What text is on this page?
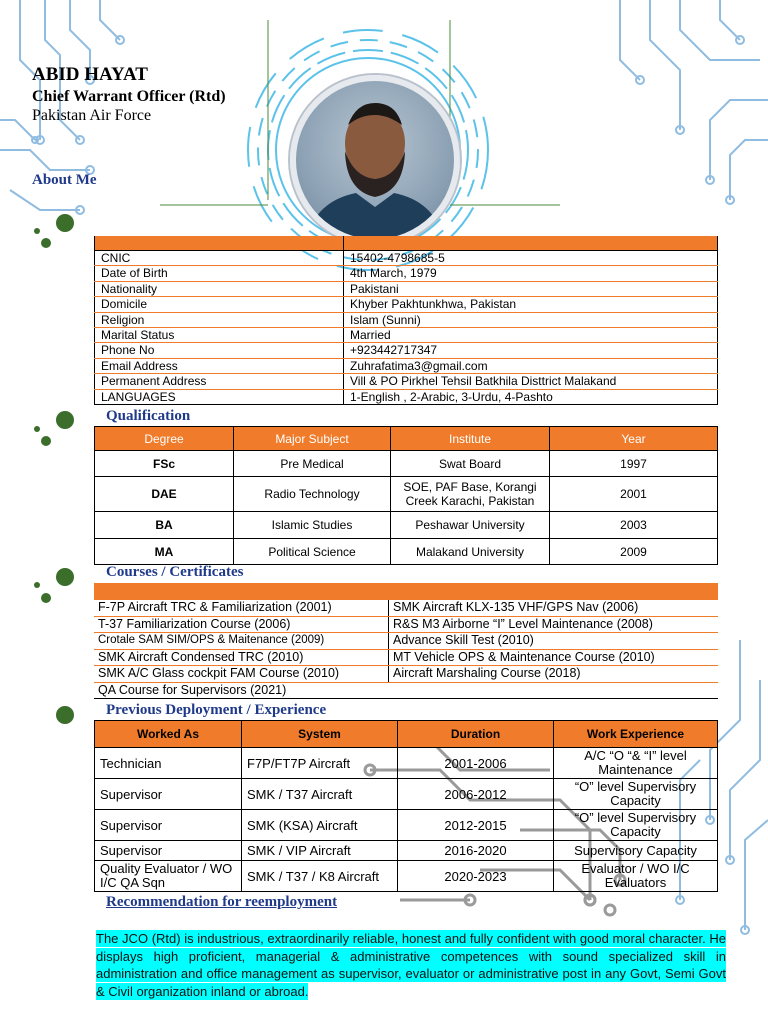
ABID HAYAT
Chief Warrant Officer (Rtd)
Pakistan Air Force
About Me

CNIC	15402-4798685-5
Date of Birth	4th March, 1979
Nationality	Pakistani
Domicile	Khyber Pakhtunkhwa, Pakistan
Religion	Islam (Sunni)
Marital Status	Married
Phone No	+923442717347
Email Address	Zuhrafatima3@gmail.com
Permanent Address	Vill & PO Pirkhel Tehsil Batkhila Disttrict Malakand
LANGUAGES	1-English , 2-Arabic, 3-Urdu, 4-Pashto
Qualification
Degree	Major Subject	Institute	Year
FSc	Pre Medical	Swat Board	1997
DAE	Radio Technology	SOE, PAF Base, Korangi Creek Karachi, Pakistan	2001
BA	Islamic Studies	Peshawar University	2003
MA	Political Science	Malakand University	2009
Courses / Certificates
F-7P Aircraft TRC & Familiarization (2001)	SMK Aircraft KLX-135 VHF/GPS Nav (2006)
T-37 Familiarization Course (2006)	R&S M3 Airborne “I” Level Maintenance (2008)
Crotale SAM SIM/OPS & Maitenance (2009)	Advance Skill Test (2010)
SMK Aircraft Condensed TRC (2010)	MT Vehicle OPS & Maintenance Course (2010)
SMK A/C Glass cockpit FAM Course (2010)	Aircraft Marshaling Course (2018)
QA Course for Supervisors (2021)	
Previous Deployment / Experience
Worked As	System	Duration	Work Experience
Technician	F7P/FT7P Aircraft	2001-2006	A/C “O “& “I” level Maintenance
Supervisor	SMK / T37 Aircraft	2006-2012	“O” level Supervisory Capacity
Supervisor	SMK (KSA) Aircraft	2012-2015	“O” level Supervisory Capacity
Supervisor	SMK / VIP Aircraft	2016-2020	Supervisory Capacity
Quality Evaluator / WO I/C QA Sqn	SMK / T37 / K8 Aircraft	2020-2023	Evaluator / WO I/C Evaluators
Recommendation for reemployment
The JCO (Rtd) is industrious, extraordinarily reliable, honest and fully confident with good moral character. He displays high proficient, managerial & administrative competences with sound specialized skill in administration and office management as supervisor, evaluator or administrative post in any Govt, Semi Govt & Civil organization inland or abroad.
